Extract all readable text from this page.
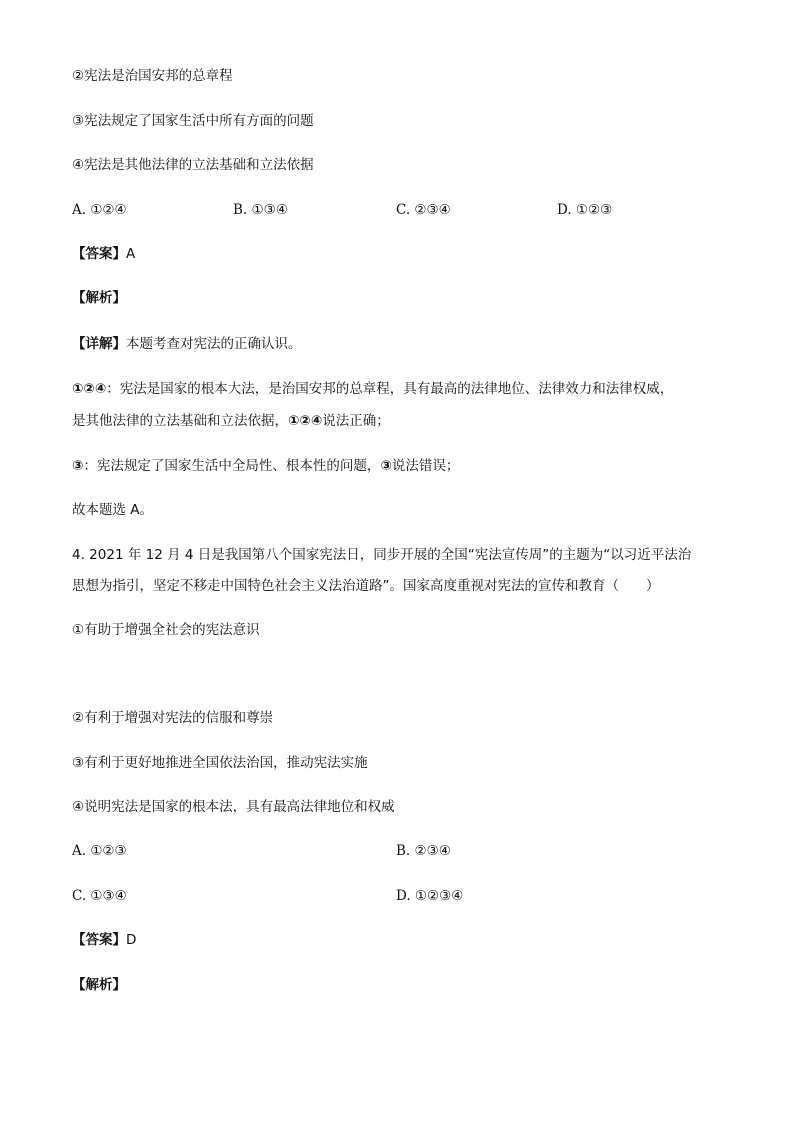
②宪法是治国安邦的总章程
③宪法规定了国家生活中所有方面的问题
④宪法是其他法律的立法基础和立法依据
A. ①②④	B. ①③④	C. ②③④	D. ①②③
【答案】A
【解析】
【详解】本题考查对宪法的正确认识。
①②④：宪法是国家的根本大法，是治国安邦的总章程，具有最高的法律地位、法律效力和法律权威，
是其他法律的立法基础和立法依据，①②④说法正确；
③：宪法规定了国家生活中全局性、根本性的问题，③说法错误；
故本题选 A。
4. 2021 年 12 月 4 日是我国第八个国家宪法日，同步开展的全国“宪法宣传周”的主题为“以习近平法治
思想为指引，坚定不移走中国特色社会主义法治道路”。国家高度重视对宪法的宣传和教育（　　）
①有助于增强全社会的宪法意识
②有利于增强对宪法的信服和尊崇
③有利于更好地推进全国依法治国，推动宪法实施
④说明宪法是国家的根本法，具有最高法律地位和权威
A. ①②③	B. ②③④
C. ①③④	D. ①②③④
【答案】D
【解析】
